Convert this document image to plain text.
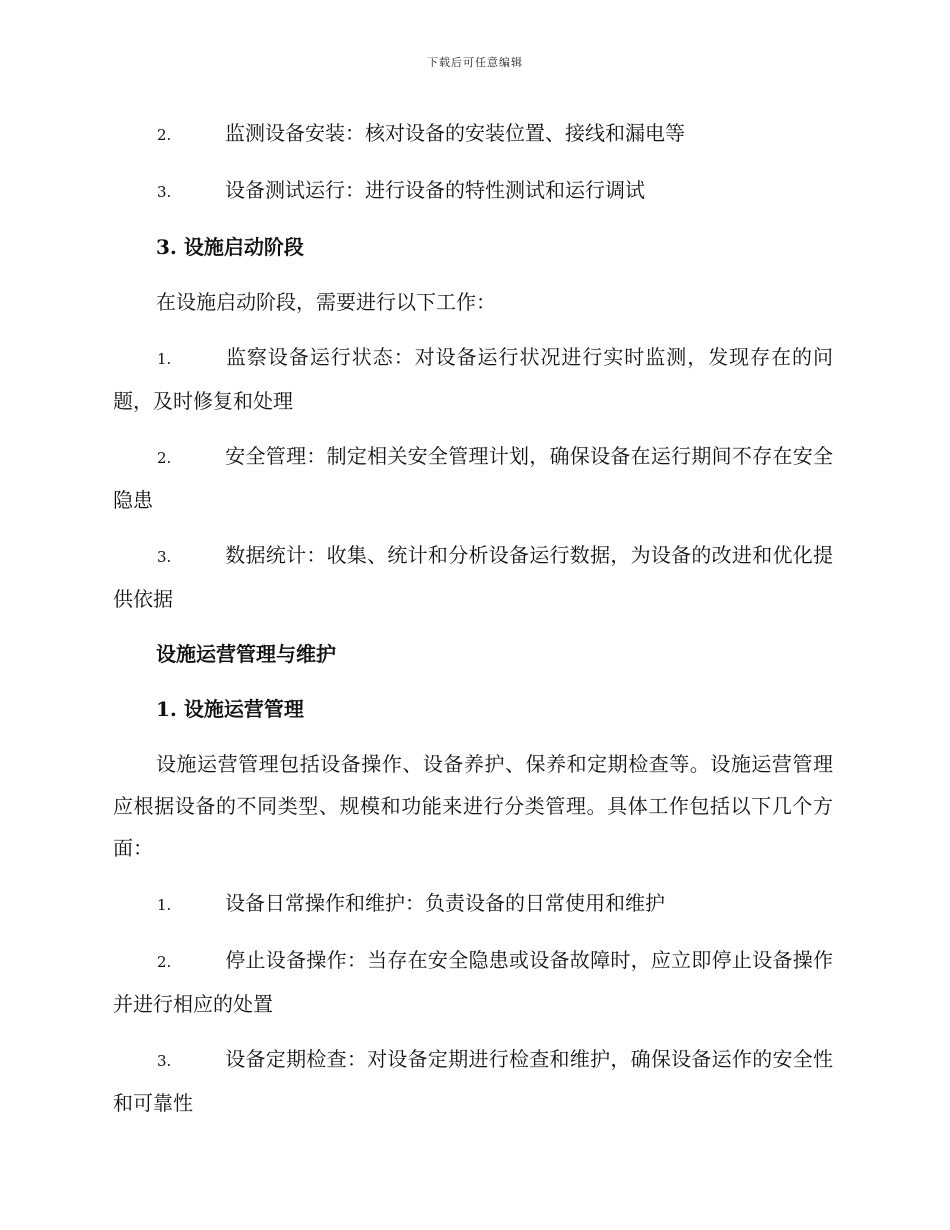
下载后可任意编辑
2.	监测设备安装：核对设备的安装位置、接线和漏电等
3.	设备测试运行：进行设备的特性测试和运行调试
3. 设施启动阶段
在设施启动阶段，需要进行以下工作：
1.	监察设备运行状态：对设备运行状况进行实时监测，发现存在的问题，及时修复和处理
2.	安全管理：制定相关安全管理计划，确保设备在运行期间不存在安全隐患
3.	数据统计：收集、统计和分析设备运行数据，为设备的改进和优化提供依据
设施运营管理与维护
1. 设施运营管理
设施运营管理包括设备操作、设备养护、保养和定期检查等。设施运营管理应根据设备的不同类型、规模和功能来进行分类管理。具体工作包括以下几个方面：
1.	设备日常操作和维护：负责设备的日常使用和维护
2.	停止设备操作：当存在安全隐患或设备故障时，应立即停止设备操作并进行相应的处置
3.	设备定期检查：对设备定期进行检查和维护，确保设备运作的安全性和可靠性
